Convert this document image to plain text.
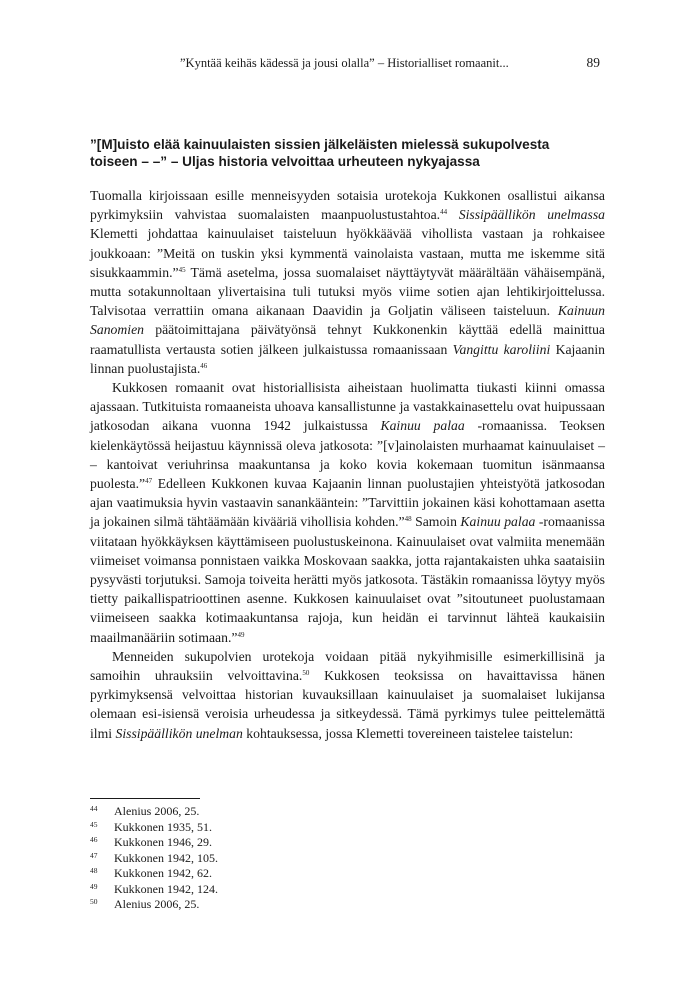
”Kyntää keihäs kädessä ja jousi olalla” – Historialliset romaanit...	89
”[M]uisto elää kainuulaisten sissien jälkeläisten mielessä sukupolvesta
toiseen – –” – Uljas historia velvoittaa urheuteen nykyajassa

Tuomalla kirjoissaan esille menneisyyden sotaisia urotekoja Kukkonen osallistui aikansa pyrkimyksiin vahvistaa suomalaisten maanpuolustustahtoa.$^{44}$ Sissipäällikön unelmassa Klemetti johdattaa kainuulaiset taisteluun hyökkäävää vihollista vastaan ja rohkaisee joukkoaan: ”Meitä on tuskin yksi kymmentä vainolaista vastaan, mutta me iskemme sitä sisukkaammin.”$^{45}$ Tämä asetelma, jossa suomalaiset näyttäytyvät määrältään vähäisempänä, mutta sotakunnoltaan ylivertaisina tuli tutuksi myös viime sotien ajan lehtikirjoittelussa. Talvisotaa verrattiin omana aikanaan Daavidin ja Goljatin väliseen taisteluun. Kainuun Sanomien päätoimittajana päivätyönsä tehnyt Kukkonenkin käyttää edellä mainittua raamatullista vertausta sotien jälkeen julkaistussa romaanissaan Vangittu karoliini Kajaanin linnan puolustajista.$^{46}$

Kukkosen romaanit ovat historiallisista aiheistaan huolimatta tiukasti kiinni omassa ajassaan. Tutkituista romaaneista uhoava kansallistunne ja vastakkainasettelu ovat huipussaan jatkosodan aikana vuonna 1942 julkaistussa Kainuu palaa -romaanissa. Teoksen kielenkäytössä heijastuu käynnissä oleva jatkosota: ”[v]ainolaisten murhaamat kainuulaiset – – kantoivat veriuhrinsa maakuntansa ja koko kovia kokemaan tuomitun isänmaansa puolesta.”$^{47}$ Edelleen Kukkonen kuvaa Kajaanin linnan puolustajien yhteistyötä jatkosodan ajan vaatimuksia hyvin vastaavin sanankääntein: ”Tarvittiin jokainen käsi kohottamaan asetta ja jokainen silmä tähtäämään kivääriä vihollisia kohden.”$^{48}$ Samoin Kainuu palaa -romaanissa viitataan hyökkäyksen käyttämiseen puolustuskeinona. Kainuulaiset ovat valmiita menemään viimeiset voimansa ponnistaen vaikka Moskovaan saakka, jotta rajantakaisten uhka saataisiin pysyvästi torjutuksi. Samoja toiveita herätti myös jatkosota. Tästäkin romaanissa löytyy myös tietty paikallispatrioottinen asenne. Kukkosen kainuulaiset ovat ”sitoutuneet puolustamaan viimeiseen saakka kotimaakuntansa rajoja, kun heidän ei tarvinnut lähteä kaukaisiin maailmanääriin sotimaan.”$^{49}$

Menneiden sukupolvien urotekoja voidaan pitää nykyihmisille esimerkillisinä ja samoihin uhrauksiin velvoittavina.$^{50}$ Kukkosen teoksissa on havaittavissa hänen pyrkimyksensä velvoittaa historian kuvauksillaan kainuulaiset ja suomalaiset lukijansa olemaan esi-isiensä veroisia urheudessa ja sitkeydessä. Tämä pyrkimys tulee peittelemättä ilmi Sissipäällikön unelman kohtauksessa, jossa Klemetti tovereineen taistelee taistelun:

44 Alenius 2006, 25.
45 Kukkonen 1935, 51.
46 Kukkonen 1946, 29.
47 Kukkonen 1942, 105.
48 Kukkonen 1942, 62.
49 Kukkonen 1942, 124.
50 Alenius 2006, 25.
